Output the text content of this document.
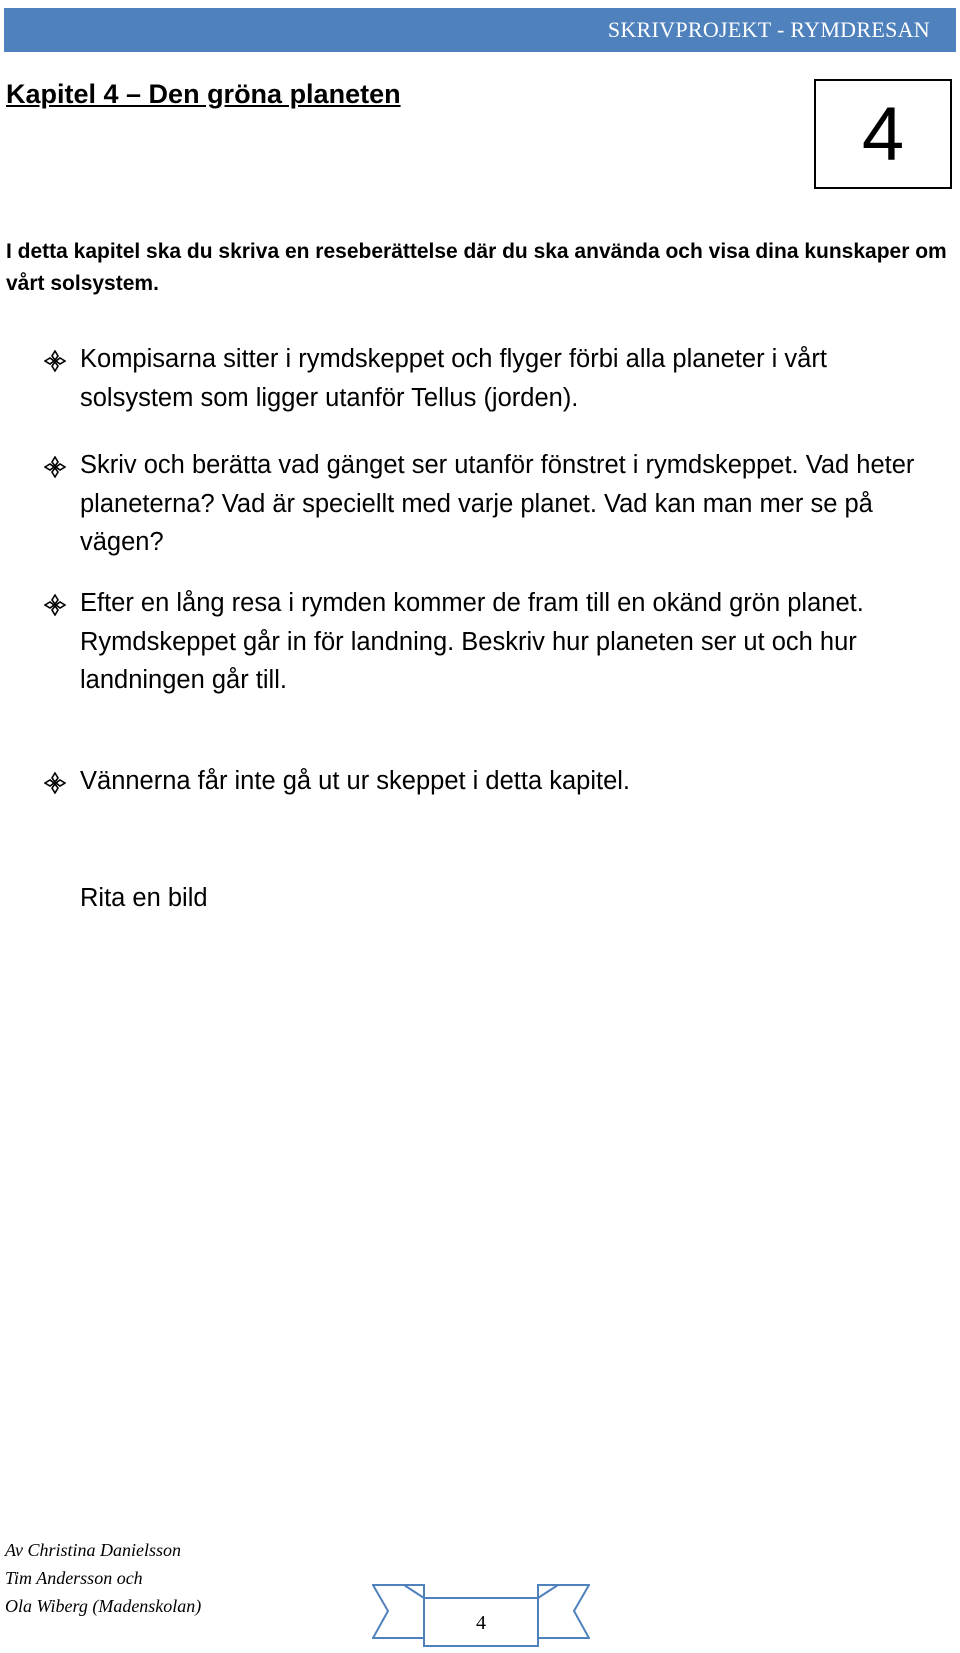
SKRIVPROJEKT - RYMDRESAN
Kapitel 4 – Den gröna planeten	4
I detta kapitel ska du skriva en reseberättelse där du ska använda och visa dina kunskaper om vårt solsystem.
Kompisarna sitter i rymdskeppet och flyger förbi alla planeter i vårt solsystem som ligger utanför Tellus (jorden).
Skriv och berätta vad gänget ser utanför fönstret i rymdskeppet. Vad heter planeterna? Vad är speciellt med varje planet. Vad kan man mer se på vägen?
Efter en lång resa i rymden kommer de fram till en okänd grön planet. Rymdskeppet går in för landning. Beskriv hur planeten ser ut och hur landningen går till.
Vännerna får inte gå ut ur skeppet i detta kapitel.
Rita en bild
Av Christina Danielsson
Tim Andersson och
Ola Wiberg (Madenskolan)
4
